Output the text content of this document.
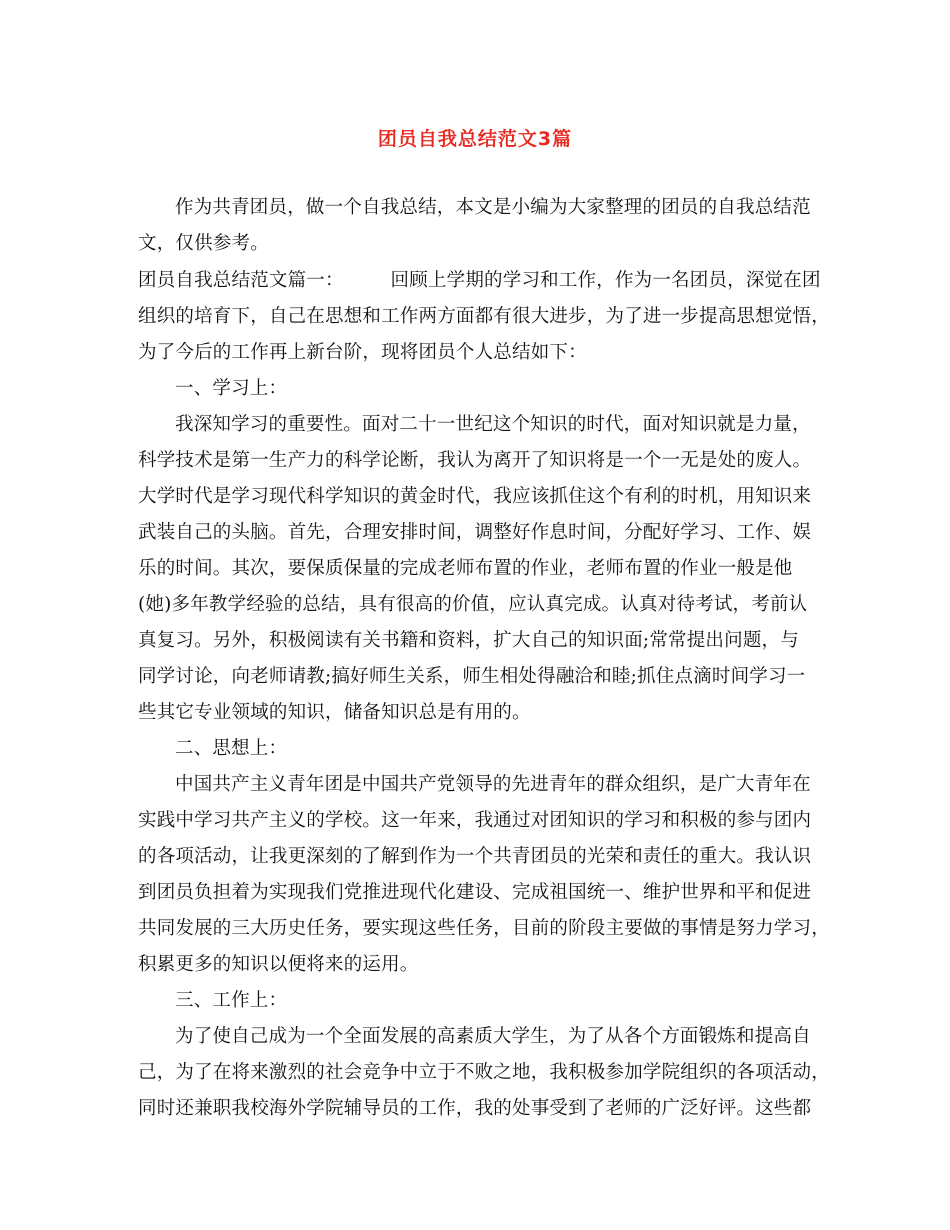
团员自我总结范文3篇
作为共青团员，做一个自我总结，本文是小编为大家整理的团员的自我总结范
文，仅供参考。
团员自我总结范文篇一：　　　回顾上学期的学习和工作，作为一名团员，深觉在团
组织的培育下，自己在思想和工作两方面都有很大进步，为了进一步提高思想觉悟，
为了今后的工作再上新台阶，现将团员个人总结如下：
一、学习上：
我深知学习的重要性。面对二十一世纪这个知识的时代，面对知识就是力量，
科学技术是第一生产力的科学论断，我认为离开了知识将是一个一无是处的废人。
大学时代是学习现代科学知识的黄金时代，我应该抓住这个有利的时机，用知识来
武装自己的头脑。首先，合理安排时间，调整好作息时间，分配好学习、工作、娱
乐的时间。其次，要保质保量的完成老师布置的作业，老师布置的作业一般是他
(她)多年教学经验的总结，具有很高的价值，应认真完成。认真对待考试，考前认
真复习。另外，积极阅读有关书籍和资料，扩大自己的知识面;常常提出问题，与
同学讨论，向老师请教;搞好师生关系，师生相处得融洽和睦;抓住点滴时间学习一
些其它专业领域的知识，储备知识总是有用的。
二、思想上：
中国共产主义青年团是中国共产党领导的先进青年的群众组织，是广大青年在
实践中学习共产主义的学校。这一年来，我通过对团知识的学习和积极的参与团内
的各项活动，让我更深刻的了解到作为一个共青团员的光荣和责任的重大。我认识
到团员负担着为实现我们党推进现代化建设、完成祖国统一、维护世界和平和促进
共同发展的三大历史任务，要实现这些任务，目前的阶段主要做的事情是努力学习，
积累更多的知识以便将来的运用。
三、工作上：
为了使自己成为一个全面发展的高素质大学生，为了从各个方面锻炼和提高自
己，为了在将来激烈的社会竞争中立于不败之地，我积极参加学院组织的各项活动，
同时还兼职我校海外学院辅导员的工作，我的处事受到了老师的广泛好评。这些都
